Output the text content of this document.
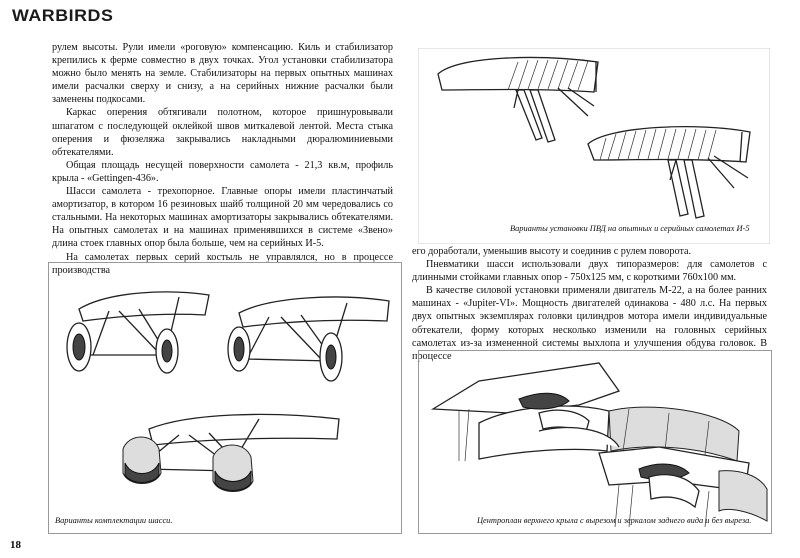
WARBIRDS

рулем высоты. Рули имели «роговую» компенсацию. Киль и стабилизатор крепились к ферме совместно в двух точках. Угол установки стабилизатора можно было менять на земле. Стабилизаторы на первых опытных машинах имели расчалки сверху и снизу, а на серийных нижние расчалки были заменены подкосами.

Каркас оперения обтягивали полотном, которое пришнуровывали шпагатом с последующей оклейкой швов миткалевой лентой. Места стыка оперения и фюзеляжа закрывались накладными дюралюминиевыми обтекателями.

Общая площадь несущей поверхности самолета - 21,3 кв.м, профиль крыла - «Gettingen-436».

Шасси самолета - трехопорное. Главные опоры имели пластинчатый амортизатор, в котором 16 резиновых шайб толщиной 20 мм чередовались со стальными. На некоторых машинах амортизаторы закрывались обтекателями. На опытных самолетах и на машинах применявшихся в системе «Звено» длина стоек главных опор была больше, чем на серийных И-5.

На самолетах первых серий костыль не управлялся, но в процессе производства

Варианты установки ПВД на опытных и серийных самолетах И-5

его доработали, уменьшив высоту и соединив с рулем поворота.

Пневматики шасси использовали двух типоразмеров: для самолетов с длинными стойками главных опор - 750х125 мм, с короткими 760х100 мм.

В качестве силовой установки применяли двигатель М-22, а на более ранних машинах - «Jupiter-VI». Мощность двигателей одинакова - 480 л.с. На первых двух опытных экземплярах головки цилиндров мотора имели индивидуальные обтекатели, форму которых несколько изменили на головных серийных самолетах из-за измененной системы выхлопа и улучшения обдува головок. В процессе

Варианты комплектации шасси.	Центроплан верхнего крыла с вырезом и зеркалом заднего вида и без выреза.
18
